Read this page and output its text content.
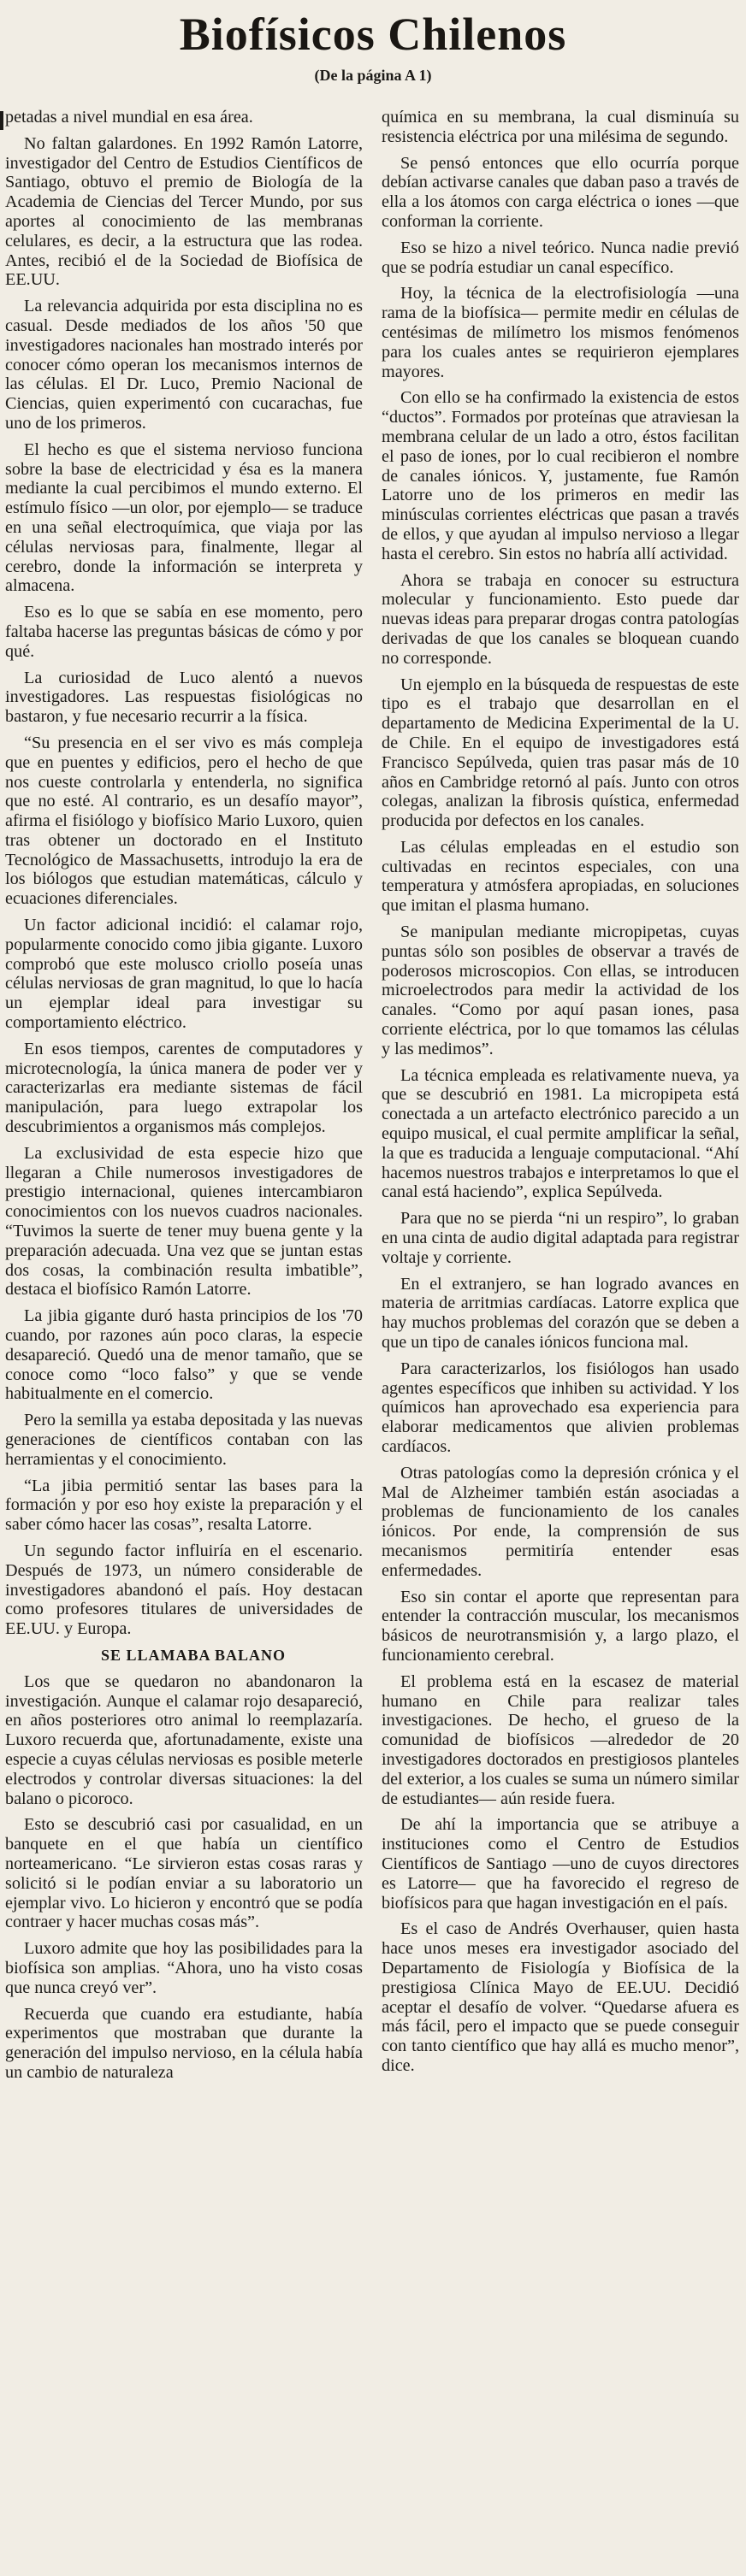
Biofísicos Chilenos
(De la página A 1)

petadas a nivel mundial en esa área.

No faltan galardones. En 1992 Ramón Latorre, investigador del Centro de Estudios Científicos de Santiago, obtuvo el premio de Biología de la Academia de Ciencias del Tercer Mundo, por sus aportes al conocimiento de las membranas celulares, es decir, a la estructura que las rodea. Antes, recibió el de la Sociedad de Biofísica de EE.UU.

La relevancia adquirida por esta disciplina no es casual. Desde mediados de los años '50 que investigadores nacionales han mostrado interés por conocer cómo operan los mecanismos internos de las células. El Dr. Luco, Premio Nacional de Ciencias, quien experimentó con cucarachas, fue uno de los primeros.

El hecho es que el sistema nervioso funciona sobre la base de electricidad y ésa es la manera mediante la cual percibimos el mundo externo. El estímulo físico —un olor, por ejemplo— se traduce en una señal electroquímica, que viaja por las células nerviosas para, finalmente, llegar al cerebro, donde la información se interpreta y almacena.

Eso es lo que se sabía en ese momento, pero faltaba hacerse las preguntas básicas de cómo y por qué.

La curiosidad de Luco alentó a nuevos investigadores. Las respuestas fisiológicas no bastaron, y fue necesario recurrir a la física.

“Su presencia en el ser vivo es más compleja que en puentes y edificios, pero el hecho de que nos cueste controlarla y entenderla, no significa que no esté. Al contrario, es un desafío mayor”, afirma el fisiólogo y biofísico Mario Luxoro, quien tras obtener un doctorado en el Instituto Tecnológico de Massachusetts, introdujo la era de los biólogos que estudian matemáticas, cálculo y ecuaciones diferenciales.

Un factor adicional incidió: el calamar rojo, popularmente conocido como jibia gigante. Luxoro comprobó que este molusco criollo poseía unas células nerviosas de gran magnitud, lo que lo hacía un ejemplar ideal para investigar su comportamiento eléctrico.

En esos tiempos, carentes de computadores y microtecnología, la única manera de poder ver y caracterizarlas era mediante sistemas de fácil manipulación, para luego extrapolar los descubrimientos a organismos más complejos.

La exclusividad de esta especie hizo que llegaran a Chile numerosos investigadores de prestigio internacional, quienes intercambiaron conocimientos con los nuevos cuadros nacionales. “Tuvimos la suerte de tener muy buena gente y la preparación adecuada. Una vez que se juntan estas dos cosas, la combinación resulta imbatible”, destaca el biofísico Ramón Latorre.

La jibia gigante duró hasta principios de los '70 cuando, por razones aún poco claras, la especie desapareció. Quedó una de menor tamaño, que se conoce como “loco falso” y que se vende habitualmente en el comercio.

Pero la semilla ya estaba depositada y las nuevas generaciones de científicos contaban con las herramientas y el conocimiento.

“La jibia permitió sentar las bases para la formación y por eso hoy existe la preparación y el saber cómo hacer las cosas”, resalta Latorre.

Un segundo factor influiría en el escenario. Después de 1973, un número considerable de investigadores abandonó el país. Hoy destacan como profesores titulares de universidades de EE.UU. y Europa.

SE LLAMABA BALANO

Los que se quedaron no abandonaron la investigación. Aunque el calamar rojo desapareció, en años posteriores otro animal lo reemplazaría. Luxoro recuerda que, afortunadamente, existe una especie a cuyas células nerviosas es posible meterle electrodos y controlar diversas situaciones: la del balano o picoroco.

Esto se descubrió casi por casualidad, en un banquete en el que había un científico norteamericano. “Le sirvieron estas cosas raras y solicitó si le podían enviar a su laboratorio un ejemplar vivo. Lo hicieron y encontró que se podía contraer y hacer muchas cosas más”.

Luxoro admite que hoy las posibilidades para la biofísica son amplias. “Ahora, uno ha visto cosas que nunca creyó ver”.

Recuerda que cuando era estudiante, había experimentos que mostraban que durante la generación del impulso nervioso, en la célula había un cambio de naturaleza

química en su membrana, la cual disminuía su resistencia eléctrica por una milésima de segundo.

Se pensó entonces que ello ocurría porque debían activarse canales que daban paso a través de ella a los átomos con carga eléctrica o iones —que conforman la corriente.

Eso se hizo a nivel teórico. Nunca nadie previó que se podría estudiar un canal específico.

Hoy, la técnica de la electrofisiología —una rama de la biofísica— permite medir en células de centésimas de milímetro los mismos fenómenos para los cuales antes se requirieron ejemplares mayores.

Con ello se ha confirmado la existencia de estos “ductos”. Formados por proteínas que atraviesan la membrana celular de un lado a otro, éstos facilitan el paso de iones, por lo cual recibieron el nombre de canales iónicos. Y, justamente, fue Ramón Latorre uno de los primeros en medir las minúsculas corrientes eléctricas que pasan a través de ellos, y que ayudan al impulso nervioso a llegar hasta el cerebro. Sin estos no habría allí actividad.

Ahora se trabaja en conocer su estructura molecular y funcionamiento. Esto puede dar nuevas ideas para preparar drogas contra patologías derivadas de que los canales se bloquean cuando no corresponde.

Un ejemplo en la búsqueda de respuestas de este tipo es el trabajo que desarrollan en el departamento de Medicina Experimental de la U. de Chile. En el equipo de investigadores está Francisco Sepúlveda, quien tras pasar más de 10 años en Cambridge retornó al país. Junto con otros colegas, analizan la fibrosis quística, enfermedad producida por defectos en los canales.

Las células empleadas en el estudio son cultivadas en recintos especiales, con una temperatura y atmósfera apropiadas, en soluciones que imitan el plasma humano.

Se manipulan mediante micropipetas, cuyas puntas sólo son posibles de observar a través de poderosos microscopios. Con ellas, se introducen microelectrodos para medir la actividad de los canales. “Como por aquí pasan iones, pasa corriente eléctrica, por lo que tomamos las células y las medimos”.

La técnica empleada es relativamente nueva, ya que se descubrió en 1981. La micropipeta está conectada a un artefacto electrónico parecido a un equipo musical, el cual permite amplificar la señal, la que es traducida a lenguaje computacional. “Ahí hacemos nuestros trabajos e interpretamos lo que el canal está haciendo”, explica Sepúlveda.

Para que no se pierda “ni un respiro”, lo graban en una cinta de audio digital adaptada para registrar voltaje y corriente.

En el extranjero, se han logrado avances en materia de arritmias cardíacas. Latorre explica que hay muchos problemas del corazón que se deben a que un tipo de canales iónicos funciona mal.

Para caracterizarlos, los fisiólogos han usado agentes específicos que inhiben su actividad. Y los químicos han aprovechado esa experiencia para elaborar medicamentos que alivien problemas cardíacos.

Otras patologías como la depresión crónica y el Mal de Alzheimer también están asociadas a problemas de funcionamiento de los canales iónicos. Por ende, la comprensión de sus mecanismos permitiría entender esas enfermedades.

Eso sin contar el aporte que representan para entender la contracción muscular, los mecanismos básicos de neurotransmisión y, a largo plazo, el funcionamiento cerebral.

El problema está en la escasez de material humano en Chile para realizar tales investigaciones. De hecho, el grueso de la comunidad de biofísicos —alrededor de 20 investigadores doctorados en prestigiosos planteles del exterior, a los cuales se suma un número similar de estudiantes— aún reside fuera.

De ahí la importancia que se atribuye a instituciones como el Centro de Estudios Científicos de Santiago —uno de cuyos directores es Latorre— que ha favorecido el regreso de biofísicos para que hagan investigación en el país.

Es el caso de Andrés Overhauser, quien hasta hace unos meses era investigador asociado del Departamento de Fisiología y Biofísica de la prestigiosa Clínica Mayo de EE.UU. Decidió aceptar el desafío de volver. “Quedarse afuera es más fácil, pero el impacto que se puede conseguir con tanto científico que hay allá es mucho menor”, dice.
